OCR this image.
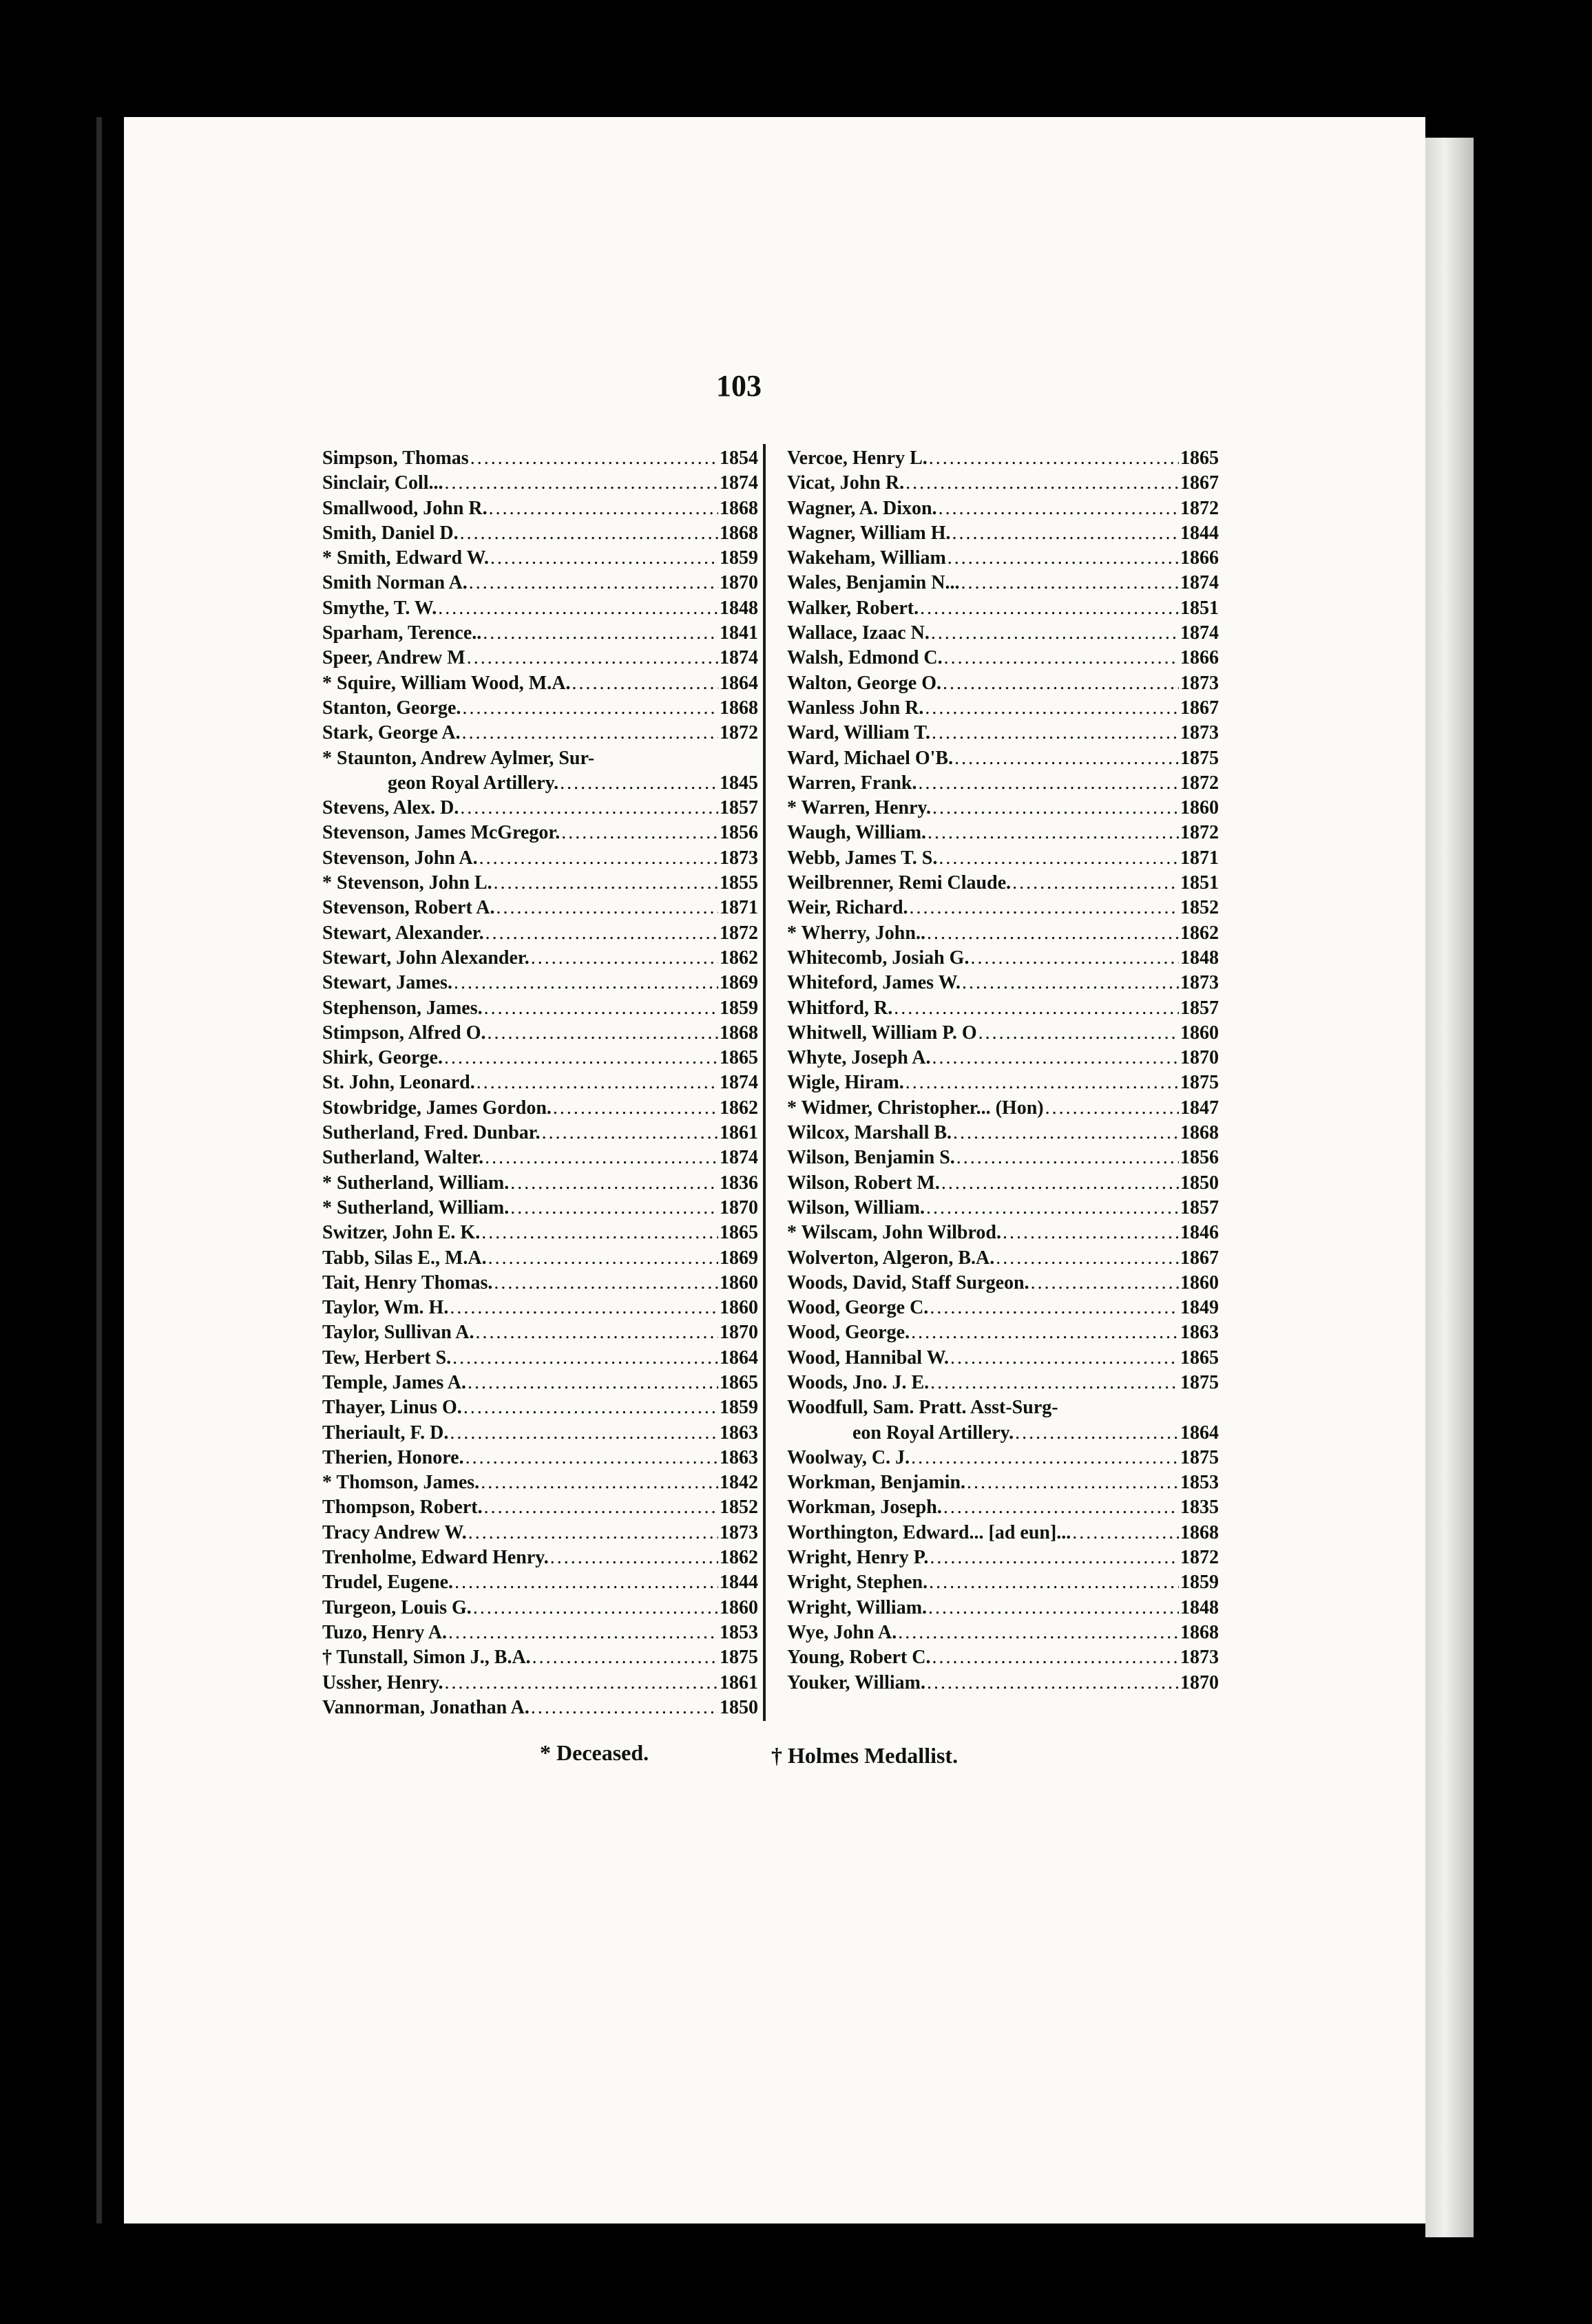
103
Simpson, Thomas .....	1854
Sinclair, Coll... .....	1874
Smallwood, John R. .....	1868
Smith, Daniel D. .....	1868
* Smith, Edward W. .....	1859
Smith Norman A. .....	1870
Smythe, T. W. .....	1848
Sparham, Terence.. .....	1841
Speer, Andrew M .....	1874
* Squire, William Wood, M.A. .....	1864
Stanton, George. .....	1868
Stark, George A. .....	1872
* Staunton, Andrew Aylmer, Sur-
geon Royal Artillery. .....	1845
Stevens, Alex. D. .....	1857
Stevenson, James McGregor. .....	1856
Stevenson, John A. .....	1873
* Stevenson, John L. .....	1855
Stevenson, Robert A. .....	1871
Stewart, Alexander. .....	1872
Stewart, John Alexander. .....	1862
Stewart, James. .....	1869
Stephenson, James. .....	1859
Stimpson, Alfred O. .....	1868
Shirk, George. .....	1865
St. John, Leonard. .....	1874
Stowbridge, James Gordon. .....	1862
Sutherland, Fred. Dunbar. .....	1861
Sutherland, Walter. .....	1874
* Sutherland, William. .....	1836
* Sutherland, William. .....	1870
Switzer, John E. K. .....	1865
Tabb, Silas E., M.A. .....	1869
Tait, Henry Thomas. .....	1860
Taylor, Wm. H. .....	1860
Taylor, Sullivan A. .....	1870
Tew, Herbert S. .....	1864
Temple, James A. .....	1865
Thayer, Linus O. .....	1859
Theriault, F. D. .....	1863
Therien, Honore. .....	1863
* Thomson, James. .....	1842
Thompson, Robert. .....	1852
Tracy Andrew W. .....	1873
Trenholme, Edward Henry. .....	1862
Trudel, Eugene. .....	1844
Turgeon, Louis G. .....	1860
Tuzo, Henry A. .....	1853
† Tunstall, Simon J., B.A. .....	1875
Ussher, Henry. .....	1861
Vannorman, Jonathan A. .....	1850
Vercoe, Henry L. .....	1865
Vicat, John R. .....	1867
Wagner, A. Dixon. .....	1872
Wagner, William H. .....	1844
Wakeham, William .....	1866
Wales, Benjamin N... .....	1874
Walker, Robert. .....	1851
Wallace, Izaac N. .....	1874
Walsh, Edmond C. .....	1866
Walton, George O. .....	1873
Wanless John R. .....	1867
Ward, William T. .....	1873
Ward, Michael O'B. .....	1875
Warren, Frank. .....	1872
* Warren, Henry. .....	1860
Waugh, William. .....	1872
Webb, James T. S. .....	1871
Weilbrenner, Remi Claude. .....	1851
Weir, Richard. .....	1852
* Wherry, John.. .....	1862
Whitecomb, Josiah G. .....	1848
Whiteford, James W. .....	1873
Whitford, R. .....	1857
Whitwell, William P. O .....	1860
Whyte, Joseph A. .....	1870
Wigle, Hiram. .....	1875
* Widmer, Christopher... (Hon) .....	1847
Wilcox, Marshall B. .....	1868
Wilson, Benjamin S. .....	1856
Wilson, Robert M. .....	1850
Wilson, William. .....	1857
* Wilscam, John Wilbrod. .....	1846
Wolverton, Algeron, B.A. .....	1867
Woods, David, Staff Surgeon. .....	1860
Wood, George C. .....	1849
Wood, George. .....	1863
Wood, Hannibal W. .....	1865
Woods, Jno. J. E. .....	1875
Woodfull, Sam. Pratt. Asst-Surg-
eon Royal Artillery. .....	1864
Woolway, C. J. .....	1875
Workman, Benjamin. .....	1853
Workman, Joseph. .....	1835
Worthington, Edward... [ad eun]... .....	1868
Wright, Henry P. .....	1872
Wright, Stephen. .....	1859
Wright, William. .....	1848
Wye, John A. .....	1868
Young, Robert C. .....	1873
Youker, William. .....	1870
* Deceased.	† Holmes Medallist.
